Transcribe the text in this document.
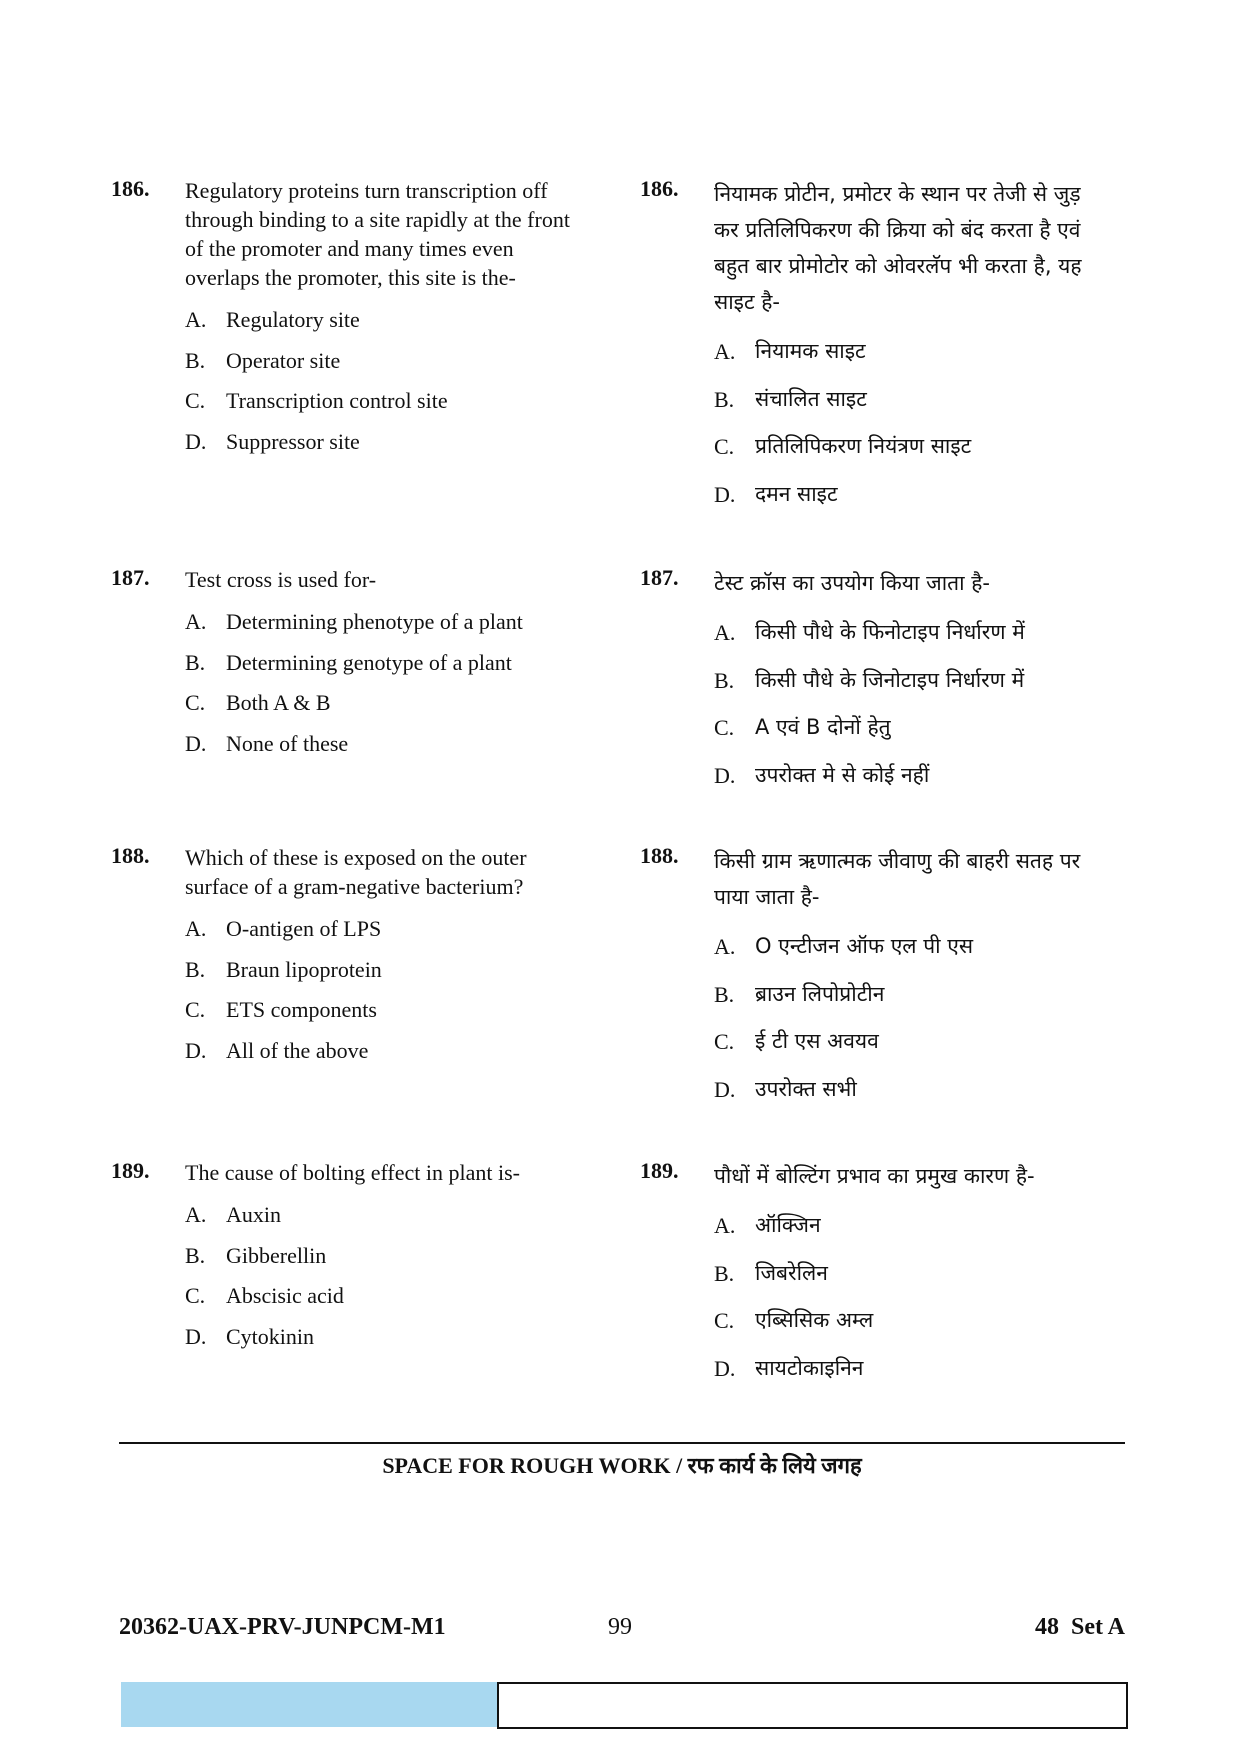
186.	Regulatory proteins turn transcription off through binding to a site rapidly at the front of the promoter and many times even overlaps the promoter, this site is the-
A. Regulatory site
B. Operator site
C. Transcription control site
D. Suppressor site
187.	Test cross is used for-
A. Determining phenotype of a plant
B. Determining genotype of a plant
C. Both A & B
D. None of these
188.	Which of these is exposed on the outer surface of a gram-negative bacterium?
A. O-antigen of LPS
B. Braun lipoprotein
C. ETS components
D. All of the above
189.	The cause of bolting effect in plant is-
A. Auxin
B. Gibberellin
C. Abscisic acid
D. Cytokinin
186.	नियामक प्रोटीन, प्रमोटर के स्थान पर तेजी से जुड़ कर प्रतिलिपिकरण की क्रिया को बंद करता है एवं बहुत बार प्रोमोटोर को ओवरलॅप भी करता है, यह साइट है-
A. नियामक साइट
B. संचालित साइट
C. प्रतिलिपिकरण नियंत्रण साइट
D. दमन साइट
187.	टेस्ट क्रॉस का उपयोग किया जाता है-
A. किसी पौधे के फिनोटाइप निर्धारण में
B. किसी पौधे के जिनोटाइप निर्धारण में
C. A एवं B दोनों हेतु
D. उपरोक्त मे से कोई नहीं
188.	किसी ग्राम ऋणात्मक जीवाणु की बाहरी सतह पर पाया जाता है-
A. O एन्टीजन ऑफ एल पी एस
B. ब्राउन लिपोप्रोटीन
C. ई टी एस अवयव
D. उपरोक्त सभी
189.	पौधों में बोल्टिंग प्रभाव का प्रमुख कारण है-
A. ऑक्जिन
B. जिबरेलिन
C. एब्सिसिक अम्ल
D. सायटोकाइनिन
SPACE FOR ROUGH WORK / रफ कार्य के लिये जगह
20362-UAX-PRV-JUNPCM-M1	99	48  Set A
